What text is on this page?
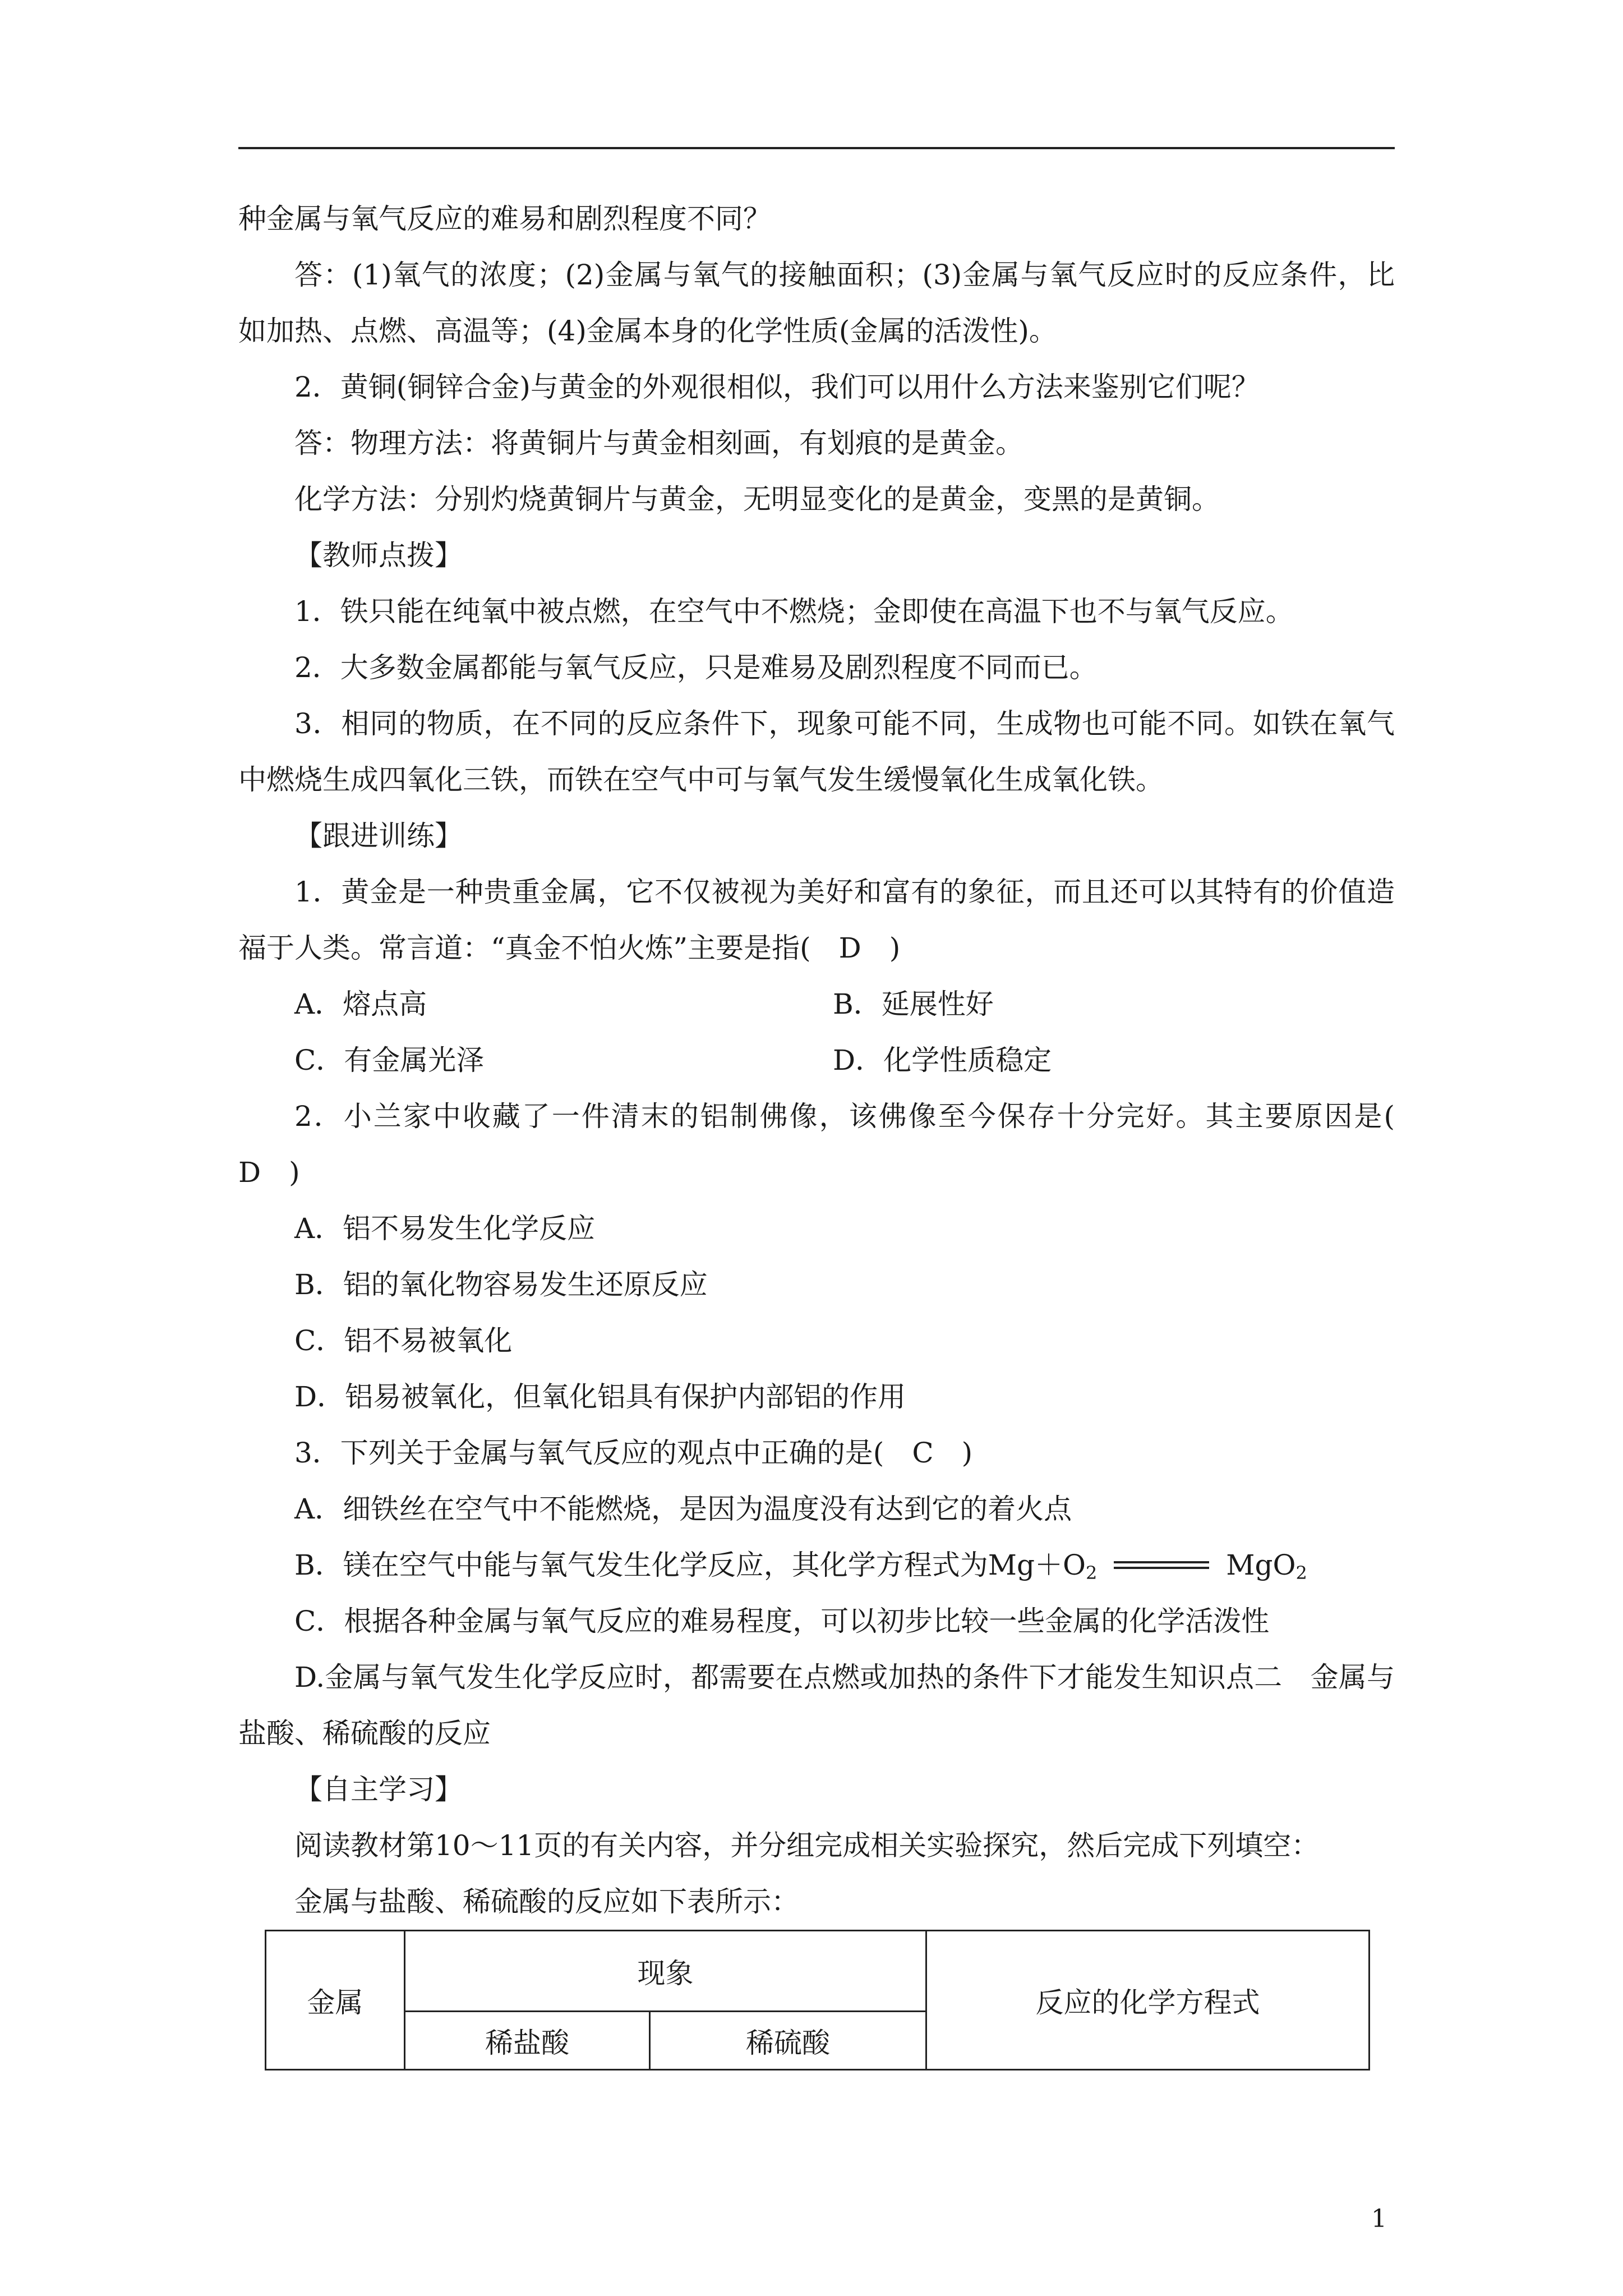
种金属与氧气反应的难易和剧烈程度不同？

答：(1)氧气的浓度；(2)金属与氧气的接触面积；(3)金属与氧气反应时的反应条件，比如加热、点燃、高温等；(4)金属本身的化学性质(金属的活泼性)。

2．黄铜(铜锌合金)与黄金的外观很相似，我们可以用什么方法来鉴别它们呢？

答：物理方法：将黄铜片与黄金相刻画，有划痕的是黄金。

化学方法：分别灼烧黄铜片与黄金，无明显变化的是黄金，变黑的是黄铜。

【教师点拨】

1．铁只能在纯氧中被点燃，在空气中不燃烧；金即使在高温下也不与氧气反应。

2．大多数金属都能与氧气反应，只是难易及剧烈程度不同而已。

3．相同的物质，在不同的反应条件下，现象可能不同，生成物也可能不同。如铁在氧气中燃烧生成四氧化三铁，而铁在空气中可与氧气发生缓慢氧化生成氧化铁。

【跟进训练】

1．黄金是一种贵重金属，它不仅被视为美好和富有的象征，而且还可以其特有的价值造福于人类。常言道：“真金不怕火炼”主要是指(　D　)

A．熔点高	B．延展性好
C．有金属光泽	D．化学性质稳定

2．小兰家中收藏了一件清末的铝制佛像，该佛像至今保存十分完好。其主要原因是(　D　)

A．铝不易发生化学反应

B．铝的氧化物容易发生还原反应

C．铝不易被氧化

D．铝易被氧化，但氧化铝具有保护内部铝的作用

3．下列关于金属与氧气反应的观点中正确的是(　C　)

A．细铁丝在空气中不能燃烧，是因为温度没有达到它的着火点

B．镁在空气中能与氧气发生化学反应，其化学方程式为$Mg+O_2$	MgO$_2$

C．根据各种金属与氧气反应的难易程度，可以初步比较一些金属的化学活泼性

D.金属与氧气发生化学反应时，都需要在点燃或加热的条件下才能发生知识点二　金属与盐酸、稀硫酸的反应

【自主学习】

阅读教材第10～11页的有关内容，并分组完成相关实验探究，然后完成下列填空：

金属与盐酸、稀硫酸的反应如下表所示：

金属	现象		反应的化学方程式
	稀盐酸	稀硫酸	
1
